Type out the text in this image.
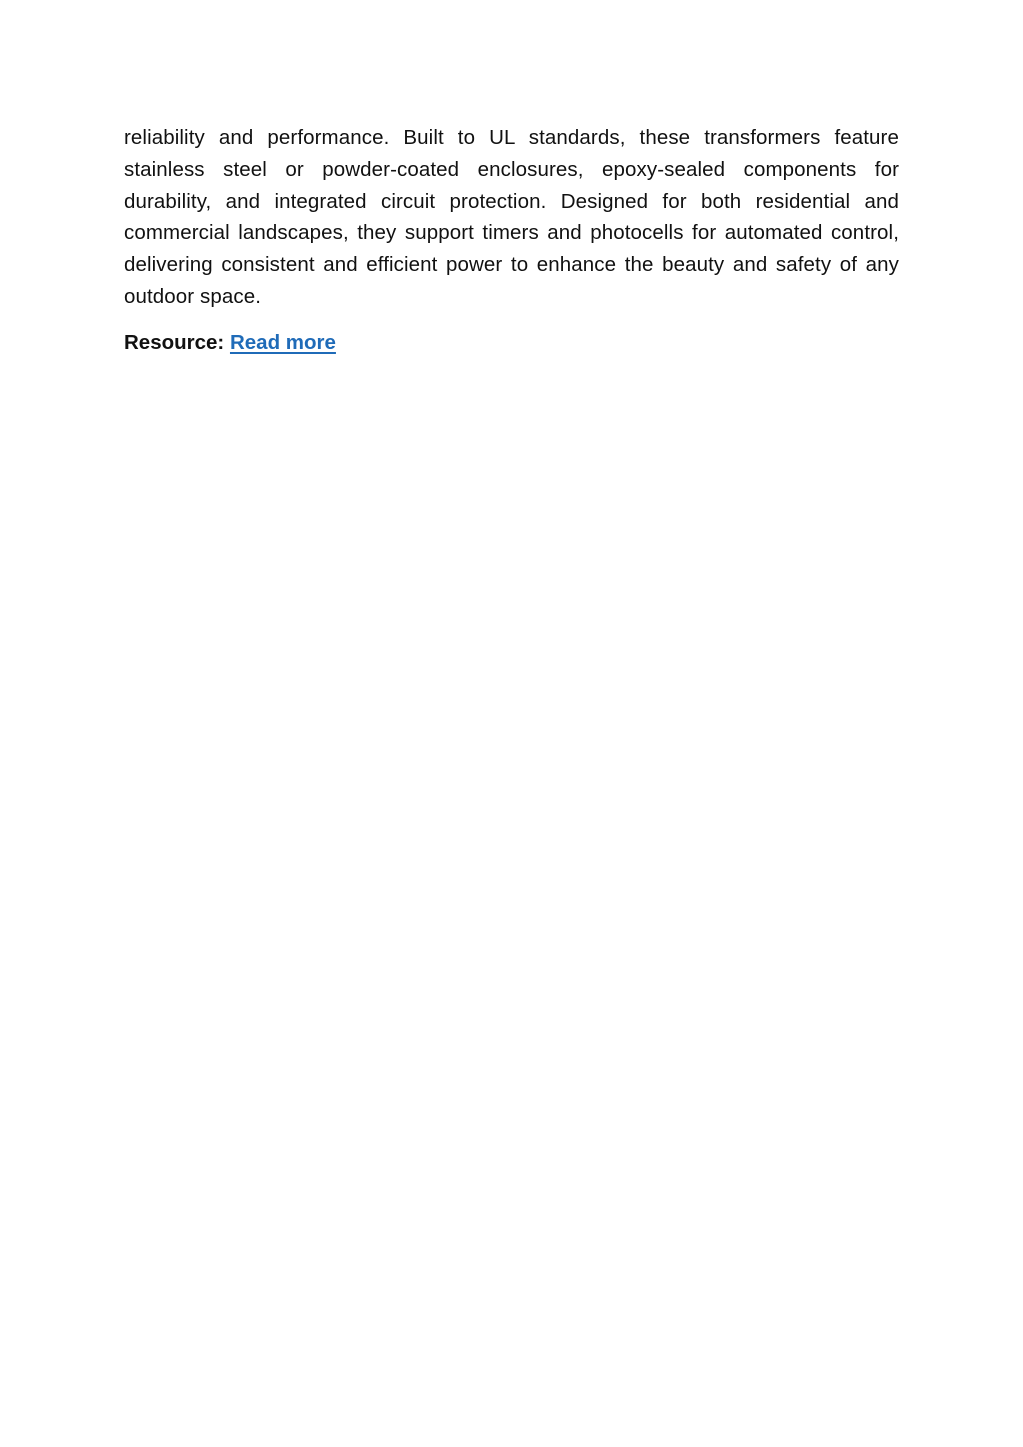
reliability and performance. Built to UL standards, these transformers feature stainless steel or powder-coated enclosures, epoxy-sealed components for durability, and integrated circuit protection. Designed for both residential and commercial landscapes, they support timers and photocells for automated control, delivering consistent and efficient power to enhance the beauty and safety of any outdoor space.

Resource: Read more
